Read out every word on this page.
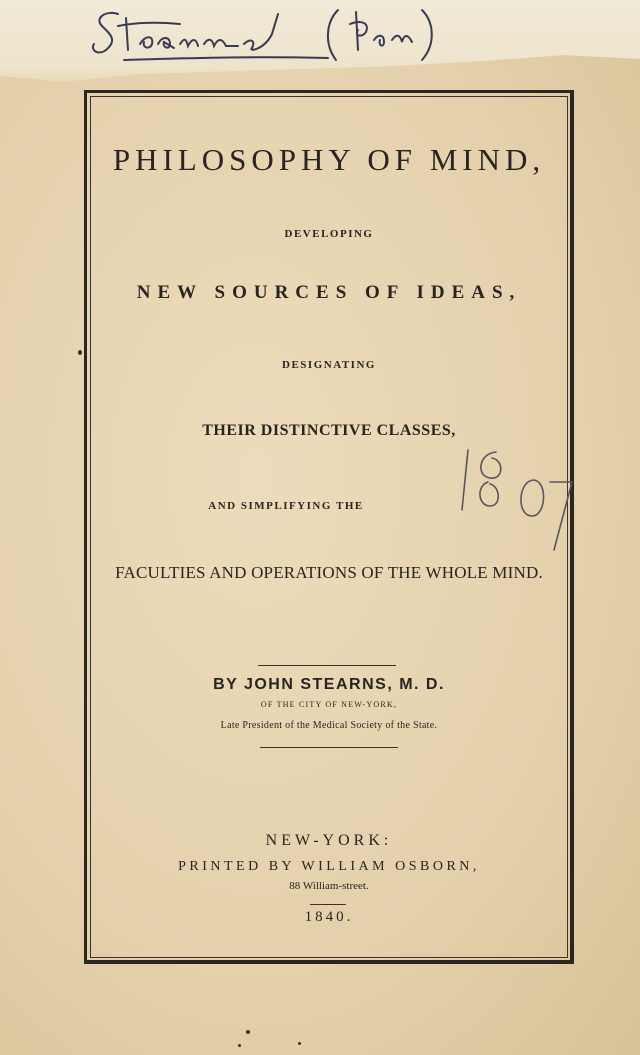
PHILOSOPHY OF MIND,
DEVELOPING
NEW SOURCES OF IDEAS,
DESIGNATING
THEIR DISTINCTIVE CLASSES,
AND SIMPLIFYING THE
FACULTIES AND OPERATIONS OF THE WHOLE MIND.
BY JOHN STEARNS, M. D.
OF THE CITY OF NEW-YORK,
Late President of the Medical Society of the State.
NEW-YORK:
PRINTED BY WILLIAM OSBORN,
88 William-street.
1840.
